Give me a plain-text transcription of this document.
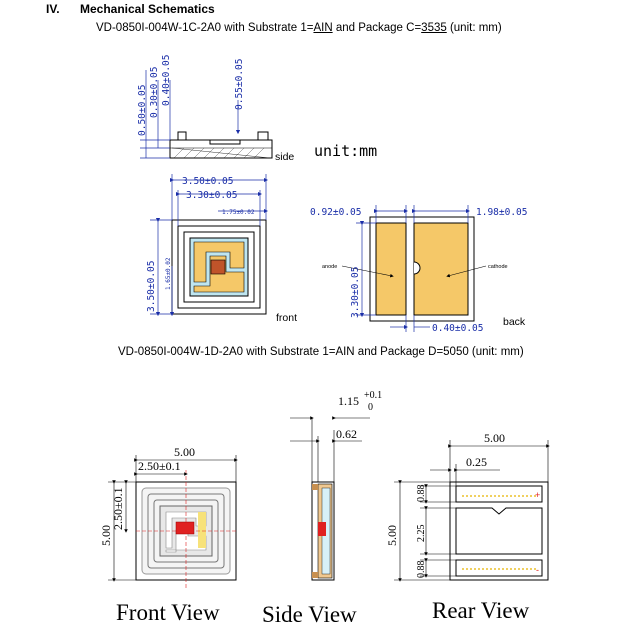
IV. Mechanical Schematics
VD-0850I-004W-1C-2A0 with Substrate 1=AIN and Package C=3535 (unit: mm)
VD-0850I-004W-1D-2A0 with Substrate 1=AIN and Package D=5050 (unit: mm)
0.50±0.05 0.30±0.05 0.40±0.05	0.55±0.05
3.50±0.05
3.30±0.05
3.50±0.05
0.92±0.05	1.98±0.05
3.30±0.05
0.40±0.05
1.75±0.02
1.65±0.02	anode	cathode
side
front	back
unit:mm
5.00
2.50±0.1
5.00
2.50±0.1
1.15
0.62	5.00
0.25
5.00
+0.1
0
0.88
2.25
0.88
+
-
Front View Side View	Rear View
